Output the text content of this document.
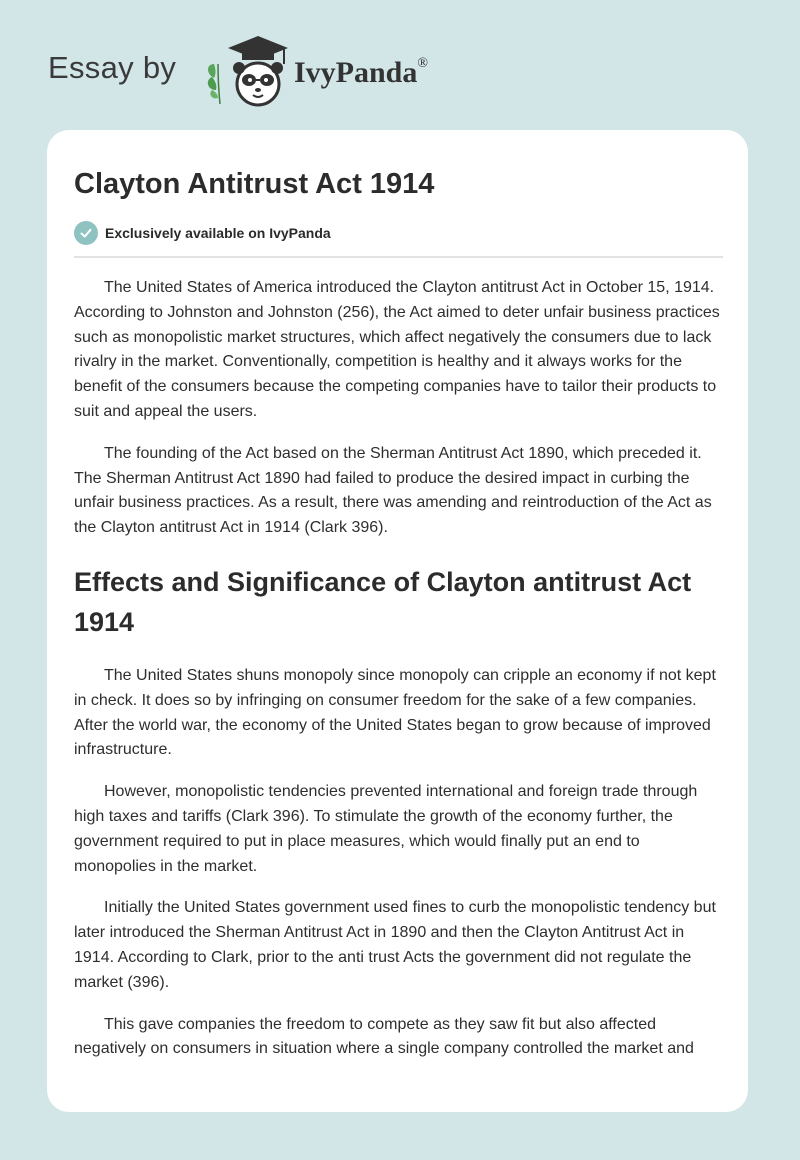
Essay by	IvyPanda®
Clayton Antitrust Act 1914
Exclusively available on IvyPanda

The United States of America introduced the Clayton antitrust Act in October 15, 1914. According to Johnston and Johnston (256), the Act aimed to deter unfair business practices such as monopolistic market structures, which affect negatively the consumers due to lack rivalry in the market. Conventionally, competition is healthy and it always works for the benefit of the consumers because the competing companies have to tailor their products to suit and appeal the users.

The founding of the Act based on the Sherman Antitrust Act 1890, which preceded it. The Sherman Antitrust Act 1890 had failed to produce the desired impact in curbing the unfair business practices. As a result, there was amending and reintroduction of the Act as the Clayton antitrust Act in 1914 (Clark 396).

Effects and Significance of Clayton antitrust Act 1914

The United States shuns monopoly since monopoly can cripple an economy if not kept in check. It does so by infringing on consumer freedom for the sake of a few companies. After the world war, the economy of the United States began to grow because of improved infrastructure.

However, monopolistic tendencies prevented international and foreign trade through high taxes and tariffs (Clark 396). To stimulate the growth of the economy further, the government required to put in place measures, which would finally put an end to monopolies in the market.

Initially the United States government used fines to curb the monopolistic tendency but later introduced the Sherman Antitrust Act in 1890 and then the Clayton Antitrust Act in 1914. According to Clark, prior to the anti trust Acts the government did not regulate the market (396).

This gave companies the freedom to compete as they saw fit but also affected negatively on consumers in situation where a single company controlled the market and
